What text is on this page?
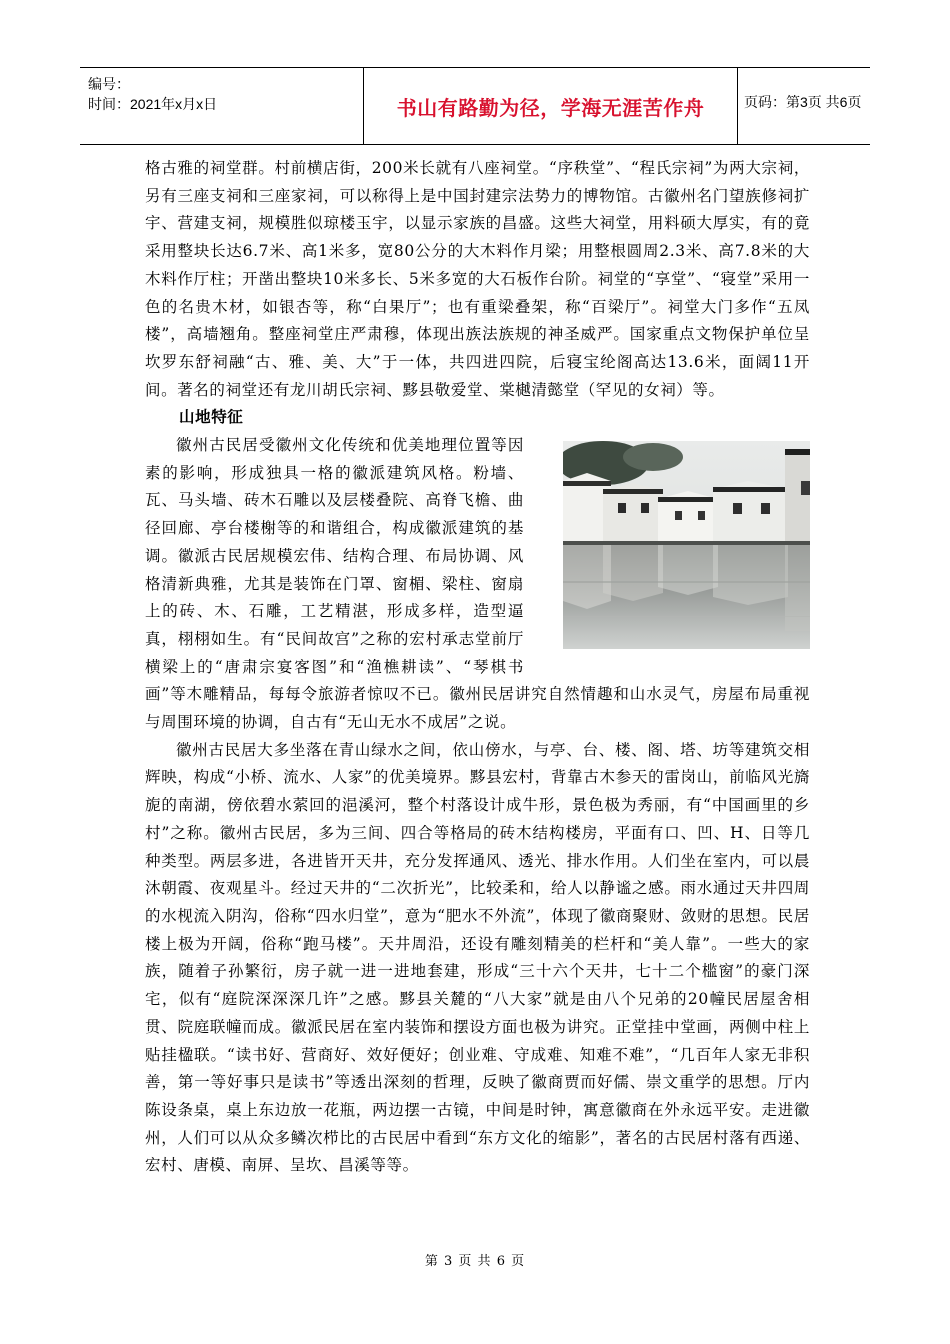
编号：
时间：2021年x月x日	书山有路勤为径，学海无涯苦作舟	页码：第3页 共6页

格古雅的祠堂群。村前横店街，200米长就有八座祠堂。“序秩堂”、“程氏宗祠”为两大宗祠，另有三座支祠和三座家祠，可以称得上是中国封建宗法势力的博物馆。古徽州名门望族修祠扩宇、营建支祠，规模胜似琼楼玉宇，以显示家族的昌盛。这些大祠堂，用料硕大厚实，有的竟采用整块长达6.7米、高1米多，宽80公分的大木料作月梁；用整根圆周2.3米、高7.8米的大木料作厅柱；开凿出整块10米多长、5米多宽的大石板作台阶。祠堂的“享堂”、“寝堂”采用一色的名贵木材，如银杏等，称“白果厅”；也有重梁叠架，称“百梁厅”。祠堂大门多作“五凤楼”，高墙翘角。整座祠堂庄严肃穆，体现出族法族规的神圣威严。国家重点文物保护单位呈坎罗东舒祠融“古、雅、美、大”于一体，共四进四院，后寝宝纶阁高达13.6米，面阔11开间。著名的祠堂还有龙川胡氏宗祠、黟县敬爱堂、棠樾清懿堂（罕见的女祠）等。

山地特征

徽州古民居受徽州文化传统和优美地理位置等因素的影响，形成独具一格的徽派建筑风格。粉墙、瓦、马头墙、砖木石雕以及层楼叠院、高脊飞檐、曲径回廊、亭台楼榭等的和谐组合，构成徽派建筑的基调。徽派古民居规模宏伟、结构合理、布局协调、风格清新典雅，尤其是装饰在门罩、窗楣、梁柱、窗扇上的砖、木、石雕，工艺精湛，形成多样，造型逼真，栩栩如生。有“民间故宫”之称的宏村承志堂前厅横梁上的“唐肃宗宴客图”和“渔樵耕读”、“琴棋书画”等木雕精品，每每令旅游者惊叹不已。徽州民居讲究自然情趣和山水灵气，房屋布局重视与周围环境的协调，自古有“无山无水不成居”之说。

徽州古民居大多坐落在青山绿水之间，依山傍水，与亭、台、楼、阁、塔、坊等建筑交相辉映，构成“小桥、流水、人家”的优美境界。黟县宏村，背靠古木参天的雷岗山，前临风光旖旎的南湖，傍依碧水萦回的浥溪河，整个村落设计成牛形，景色极为秀丽，有“中国画里的乡村”之称。徽州古民居，多为三间、四合等格局的砖木结构楼房，平面有口、凹、H、日等几种类型。两层多进，各进皆开天井，充分发挥通风、透光、排水作用。人们坐在室内，可以晨沐朝霞、夜观星斗。经过天井的“二次折光”，比较柔和，给人以静谧之感。雨水通过天井四周的水枧流入阴沟，俗称“四水归堂”，意为“肥水不外流”，体现了徽商聚财、敛财的思想。民居楼上极为开阔，俗称“跑马楼”。天井周沿，还设有雕刻精美的栏杆和“美人靠”。一些大的家族，随着子孙繁衍，房子就一进一进地套建，形成“三十六个天井，七十二个槛窗”的豪门深宅，似有“庭院深深深几许”之感。黟县关麓的“八大家”就是由八个兄弟的20幢民居屋舍相贯、院庭联幢而成。徽派民居在室内装饰和摆设方面也极为讲究。正堂挂中堂画，两侧中柱上贴挂楹联。“读书好、营商好、效好便好；创业难、守成难、知难不难”，“几百年人家无非积善，第一等好事只是读书”等透出深刻的哲理，反映了徽商贾而好儒、崇文重学的思想。厅内陈设条桌，桌上东边放一花瓶，两边摆一古镜，中间是时钟，寓意徽商在外永远平安。走进徽州，人们可以从众多鳞次栉比的古民居中看到“东方文化的缩影”，著名的古民居村落有西递、宏村、唐模、南屏、呈坎、昌溪等等。

第 3 页 共 6 页
